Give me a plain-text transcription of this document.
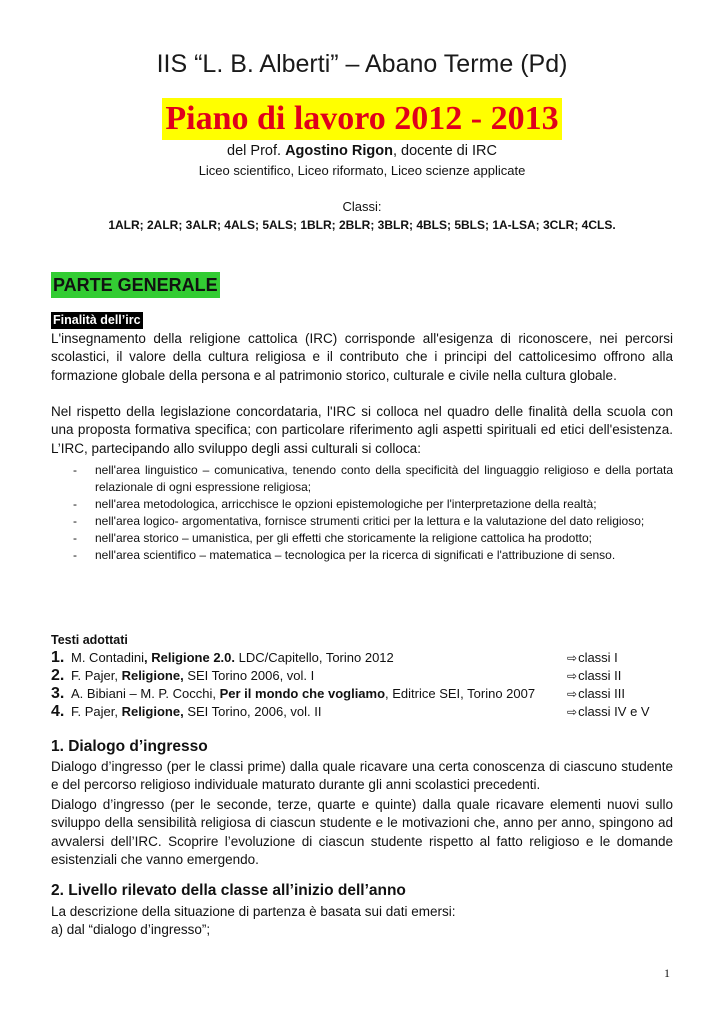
IIS “L. B. Alberti” – Abano Terme (Pd)
Piano di lavoro 2012 - 2013
del Prof. Agostino Rigon, docente di IRC
Liceo scientifico, Liceo riformato, Liceo scienze applicate
Classi:
1ALR; 2ALR; 3ALR; 4ALS; 5ALS; 1BLR; 2BLR; 3BLR; 4BLS; 5BLS; 1A-LSA; 3CLR; 4CLS.
PARTE GENERALE
Finalità dell’irc
L'insegnamento della religione cattolica (IRC) corrisponde all'esigenza di riconoscere, nei percorsi scolastici, il valore della cultura religiosa e il contributo che i principi del cattolicesimo offrono alla formazione globale della persona e al patrimonio storico, culturale e civile nella cultura globale.
Nel rispetto della legislazione concordataria, l'IRC si colloca nel quadro delle finalità della scuola con una proposta formativa specifica; con particolare riferimento agli aspetti spirituali ed etici dell'esistenza. L’IRC, partecipando allo sviluppo degli assi culturali si colloca:
- nell'area linguistico – comunicativa, tenendo conto della specificità del linguaggio religioso e della portata relazionale di ogni espressione religiosa;
- nell'area metodologica, arricchisce le opzioni epistemologiche per l'interpretazione della realtà;
- nell'area logico- argomentativa, fornisce strumenti critici per la lettura e la valutazione del dato religioso;
- nell'area storico – umanistica, per gli effetti che storicamente la religione cattolica ha prodotto;
- nell'area scientifico – matematica – tecnologica per la ricerca di significati e l'attribuzione di senso.
Testi adottati
1. M. Contadini, Religione 2.0. LDC/Capitello, Torino 2012	⇨classi I
2. F. Pajer, Religione, SEI Torino 2006, vol. I	⇨classi II
3. A. Bibiani – M. P. Cocchi, Per il mondo che vogliamo, Editrice SEI, Torino 2007	⇨classi III
4. F. Pajer, Religione, SEI Torino, 2006, vol. II	⇨classi IV e V
1. Dialogo d’ingresso
Dialogo d’ingresso (per le classi prime) dalla quale ricavare una certa conoscenza di ciascuno studente e del percorso religioso individuale maturato durante gli anni scolastici precedenti.
Dialogo d’ingresso (per le seconde, terze, quarte e quinte) dalla quale ricavare elementi nuovi sullo sviluppo della sensibilità religiosa di ciascun studente e le motivazioni che, anno per anno, spingono ad avvalersi dell’IRC. Scoprire l’evoluzione di ciascun studente rispetto al fatto religioso e le domande esistenziali che vanno emergendo.
2. Livello rilevato della classe all’inizio dell’anno
La descrizione della situazione di partenza è basata sui dati emersi:
a) dal “dialogo d’ingresso”;
1
